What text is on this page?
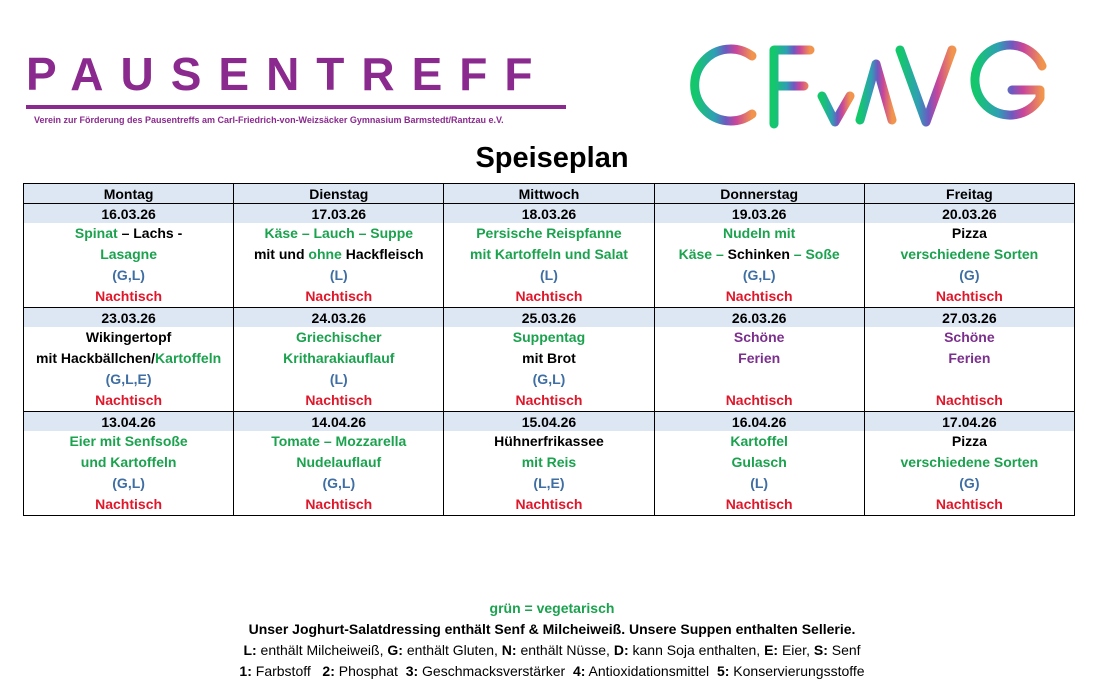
PAUSENTREFF
Verein zur Förderung des Pausentreffs am Carl-Friedrich-von-Weizsäcker Gymnasium Barmstedt/Rantzau e.V.
Speiseplan
Montag	Dienstag	Mittwoch	Donnerstag	Freitag
16.03.26	17.03.26	18.03.26	19.03.26	20.03.26
Spinat – Lachs -	Käse – Lauch – Suppe	Persische Reispfanne	Nudeln mit	Pizza
Lasagne	mit und ohne Hackfleisch	mit Kartoffeln und Salat	Käse – Schinken – Soße	verschiedene Sorten
(G,L)	(L)	(L)	(G,L)	(G)
Nachtisch	Nachtisch	Nachtisch	Nachtisch	Nachtisch
23.03.26	24.03.26	25.03.26	26.03.26	27.03.26
Wikingertopf	Griechischer	Suppentag	Schöne	Schöne
mit Hackbällchen/Kartoffeln	Kritharakiauflauf	mit Brot	Ferien	Ferien
(G,L,E)	(L)	(G,L)		
Nachtisch	Nachtisch	Nachtisch	Nachtisch	Nachtisch
13.04.26	14.04.26	15.04.26	16.04.26	17.04.26
Eier mit Senfsoße	Tomate – Mozzarella	Hühnerfrikassee	Kartoffel	Pizza
und Kartoffeln	Nudelauflauf	mit Reis	Gulasch	verschiedene Sorten
(G,L)	(G,L)	(L,E)	(L)	(G)
Nachtisch	Nachtisch	Nachtisch	Nachtisch	Nachtisch
grün = vegetarisch
Unser Joghurt-Salatdressing enthält Senf & Milcheiweiß. Unsere Suppen enthalten Sellerie.
L: enthält Milcheiweiß, G: enthält Gluten, N: enthält Nüsse, D: kann Soja enthalten, E: Eier, S: Senf
1: Farbstoff   2: Phosphat  3: Geschmacksverstärker  4: Antioxidationsmittel  5: Konservierungsstoffe
